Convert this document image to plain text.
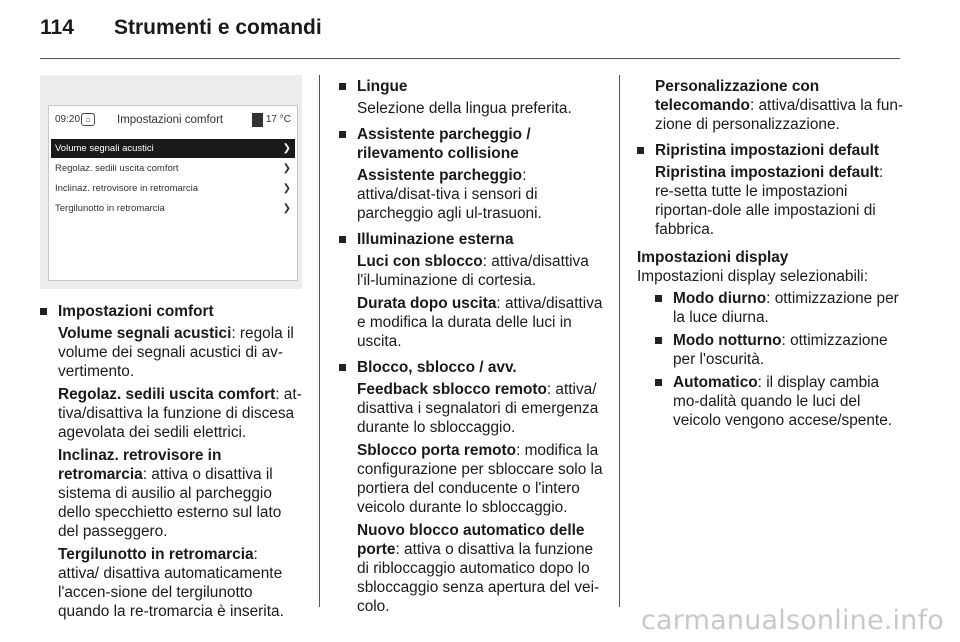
114	Strumenti e comandi
09:20 ⌂	Impostazioni comfort	17 °C
Volume segnali acustici	❯
Regolaz. sedili uscita comfort	❯
Inclinaz. retrovisore in retromarcia	❯
Tergilunotto in retromarcia	❯
Impostazioni comfort
Volume segnali acustici: regola il volume dei segnali acustici di av-vertimento.
Regolaz. sedili uscita comfort: at-tiva/disattiva la funzione di discesa agevolata dei sedili elettrici.
Inclinaz. retrovisore in retromarcia: attiva o disattiva il sistema di ausilio al parcheggio dello specchietto esterno sul lato del passeggero.
Tergilunotto in retromarcia: attiva/ disattiva automaticamente l'accen-sione del tergilunotto quando la re-tromarcia è inserita.
Lingue
Selezione della lingua preferita.
Assistente parcheggio / rilevamento collisione
Assistente parcheggio: attiva/disat-tiva i sensori di parcheggio agli ul-trasuoni.
Illuminazione esterna
Luci con sblocco: attiva/disattiva l'il-luminazione di cortesia.
Durata dopo uscita: attiva/disattiva e modifica la durata delle luci in uscita.
Blocco, sblocco / avv.
Feedback sblocco remoto: attiva/ disattiva i segnalatori di emergenza durante lo sbloccaggio.
Sblocco porta remoto: modifica la configurazione per sbloccare solo la portiera del conducente o l'intero veicolo durante lo sbloccaggio.
Nuovo blocco automatico delle porte: attiva o disattiva la funzione di ribloccaggio automatico dopo lo sbloccaggio senza apertura del vei-colo.
Personalizzazione con telecomando: attiva/disattiva la fun-zione di personalizzazione.
Ripristina impostazioni default
Ripristina impostazioni default: re-setta tutte le impostazioni riportan-dole alle impostazioni di fabbrica.
Impostazioni display
Impostazioni display selezionabili:
Modo diurno: ottimizzazione per la luce diurna.
Modo notturno: ottimizzazione per l'oscurità.
Automatico: il display cambia mo-dalità quando le luci del veicolo vengono accese/spente.
carmanualsonline.info
